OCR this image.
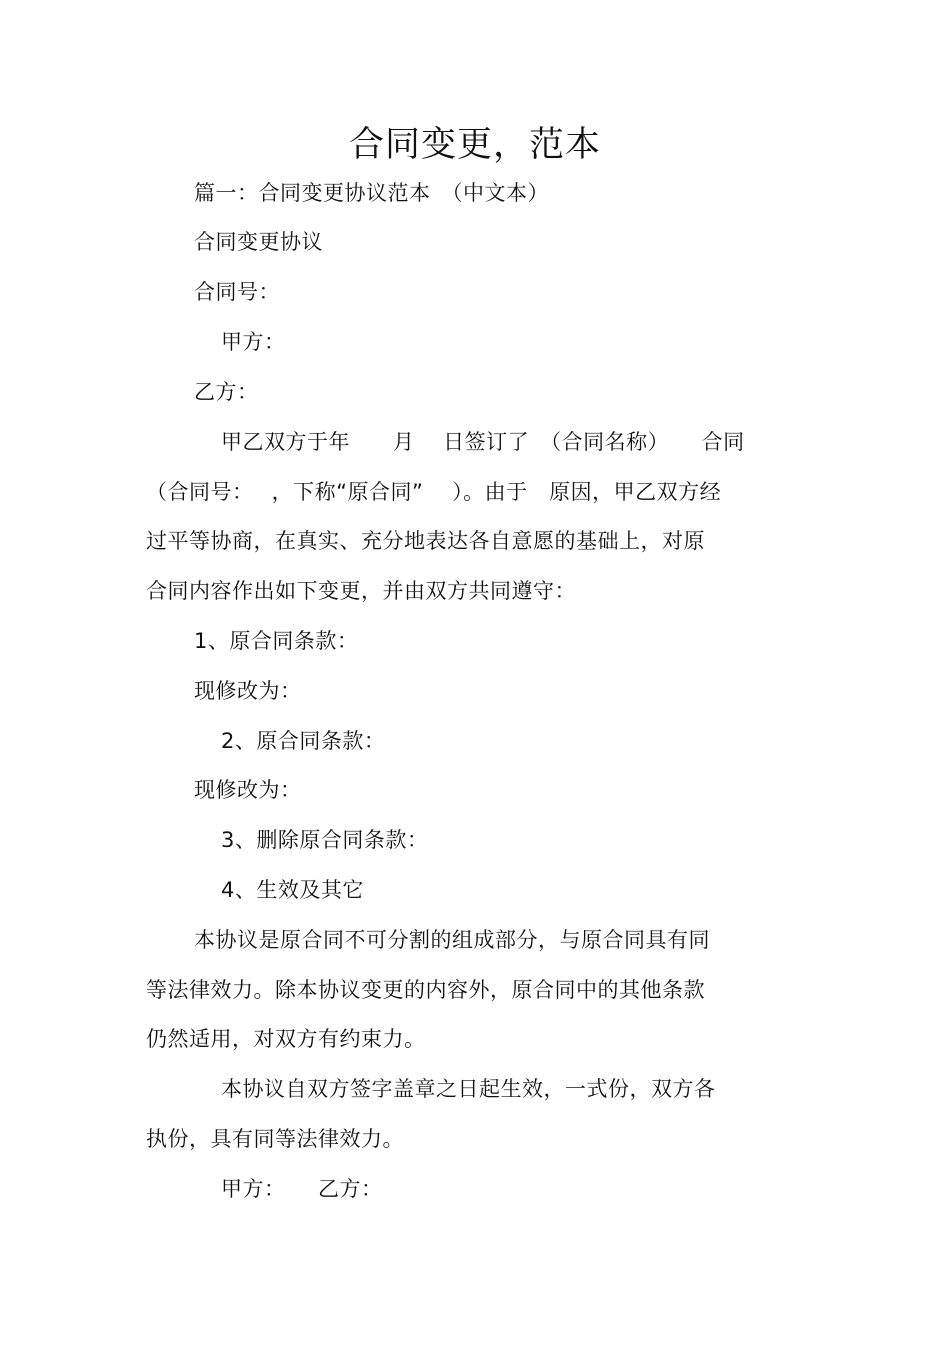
合同变更，范本
篇一：合同变更协议范本　（中文本）
合同变更协议
合同号：
甲方：
乙方：
甲乙双方于年　　月　 日签订了　（合同名称）　　合同
（合同号：　 ，下称“原合同”　 ）。由于　原因，甲乙双方经
过平等协商，在真实、充分地表达各自意愿的基础上，对原
合同内容作出如下变更，并由双方共同遵守：
1、原合同条款：
现修改为：
2、原合同条款：
现修改为：
3、删除原合同条款：
4、生效及其它
本协议是原合同不可分割的组成部分，与原合同具有同
等法律效力。除本协议变更的内容外，原合同中的其他条款
仍然适用，对双方有约束力。
本协议自双方签字盖章之日起生效，一式份，双方各
执份，具有同等法律效力。
甲方：　　乙方：
